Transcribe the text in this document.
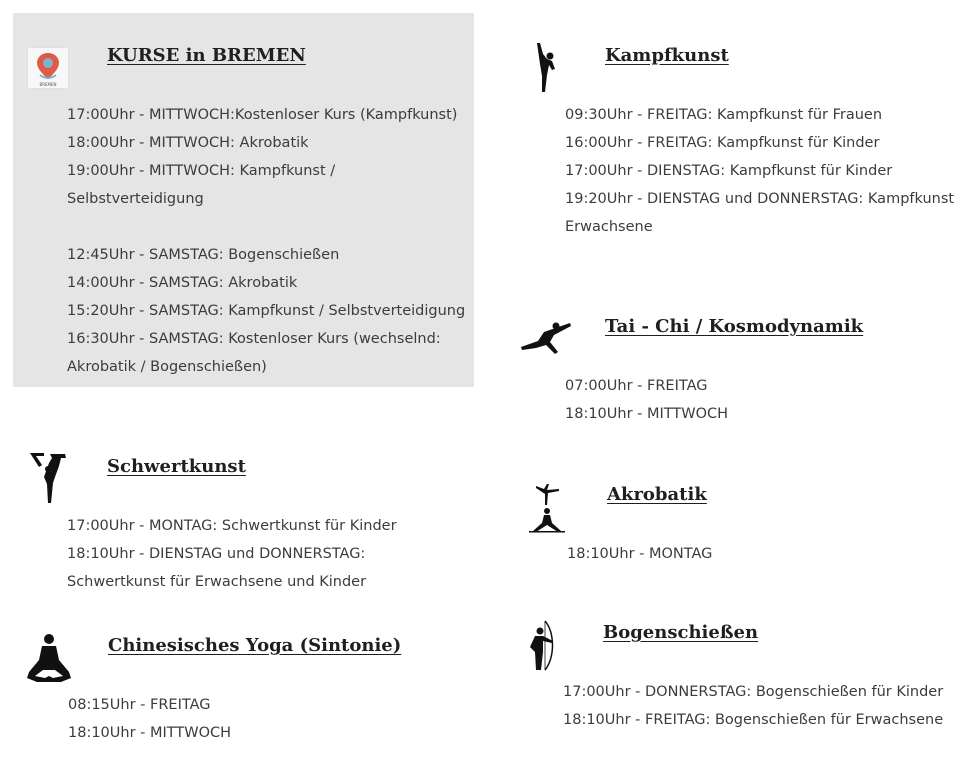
BREMEN
KURSE in BREMEN
17:00Uhr - MITTWOCH:Kostenloser Kurs (Kampfkunst)
18:00Uhr - MITTWOCH: Akrobatik
19:00Uhr - MITTWOCH: Kampfkunst / Selbstverteidigung
12:45Uhr - SAMSTAG: Bogenschießen
14:00Uhr - SAMSTAG: Akrobatik
15:20Uhr - SAMSTAG: Kampfkunst / Selbstverteidigung
16:30Uhr - SAMSTAG: Kostenloser Kurs (wechselnd: Akrobatik / Bogenschießen)
Kampfkunst
09:30Uhr - FREITAG: Kampfkunst für Frauen
16:00Uhr - FREITAG: Kampfkunst für Kinder
17:00Uhr - DIENSTAG: Kampfkunst für Kinder
19:20Uhr - DIENSTAG und DONNERSTAG: Kampfkunst Erwachsene
Tai - Chi / Kosmodynamik
07:00Uhr - FREITAG
18:10Uhr - MITTWOCH
Schwertkunst
17:00Uhr - MONTAG: Schwertkunst für Kinder
18:10Uhr - DIENSTAG und DONNERSTAG: Schwertkunst für Erwachsene und Kinder
Akrobatik
18:10Uhr - MONTAG
Chinesisches Yoga (Sintonie)
08:15Uhr - FREITAG
18:10Uhr - MITTWOCH
Bogenschießen
17:00Uhr - DONNERSTAG: Bogenschießen für Kinder
18:10Uhr - FREITAG: Bogenschießen für Erwachsene
